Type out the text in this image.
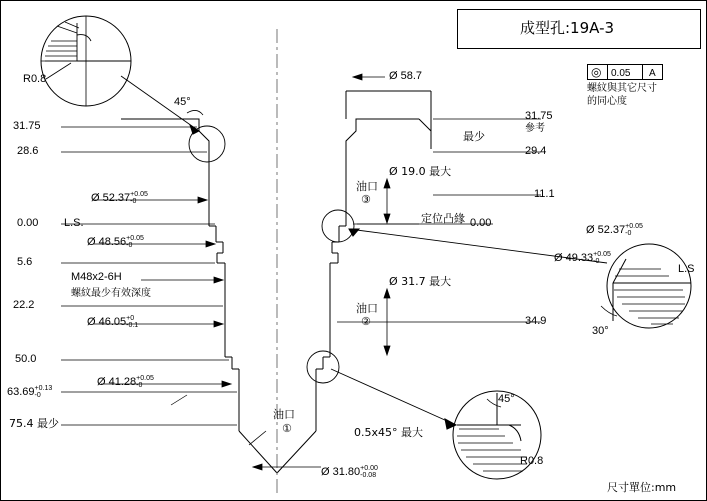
成型孔:19A-3
◎ 0.05 A
螺紋與其它尺寸
的同心度
尺寸單位:mm
31.75
28.6
0.00 L.S.
5.6
22.2
50.0
63.69 +0.13
-0
75.4 最少
31.75
參考
29.4
11.1
0.00
34.9
Ø 58.7
Ø 52.37 +0.05
-0
Ø 48.56 +0.05
-0
Ø 46.05 +0
-0.1
Ø 41.28 +0.05
-0
Ø 19.0 最大
Ø 31.7 最大
Ø 31.80 +0.00
-0.08
Ø 52.37 +0.05
-0
Ø 49.33 +0.05
-0
R0.8
45°
最少
M48x2-6H
螺紋最少有效深度
油口
③
油口
②
油口
①
定位凸緣
0.5x45° 最大
R0.8
45°
30°
L.S
